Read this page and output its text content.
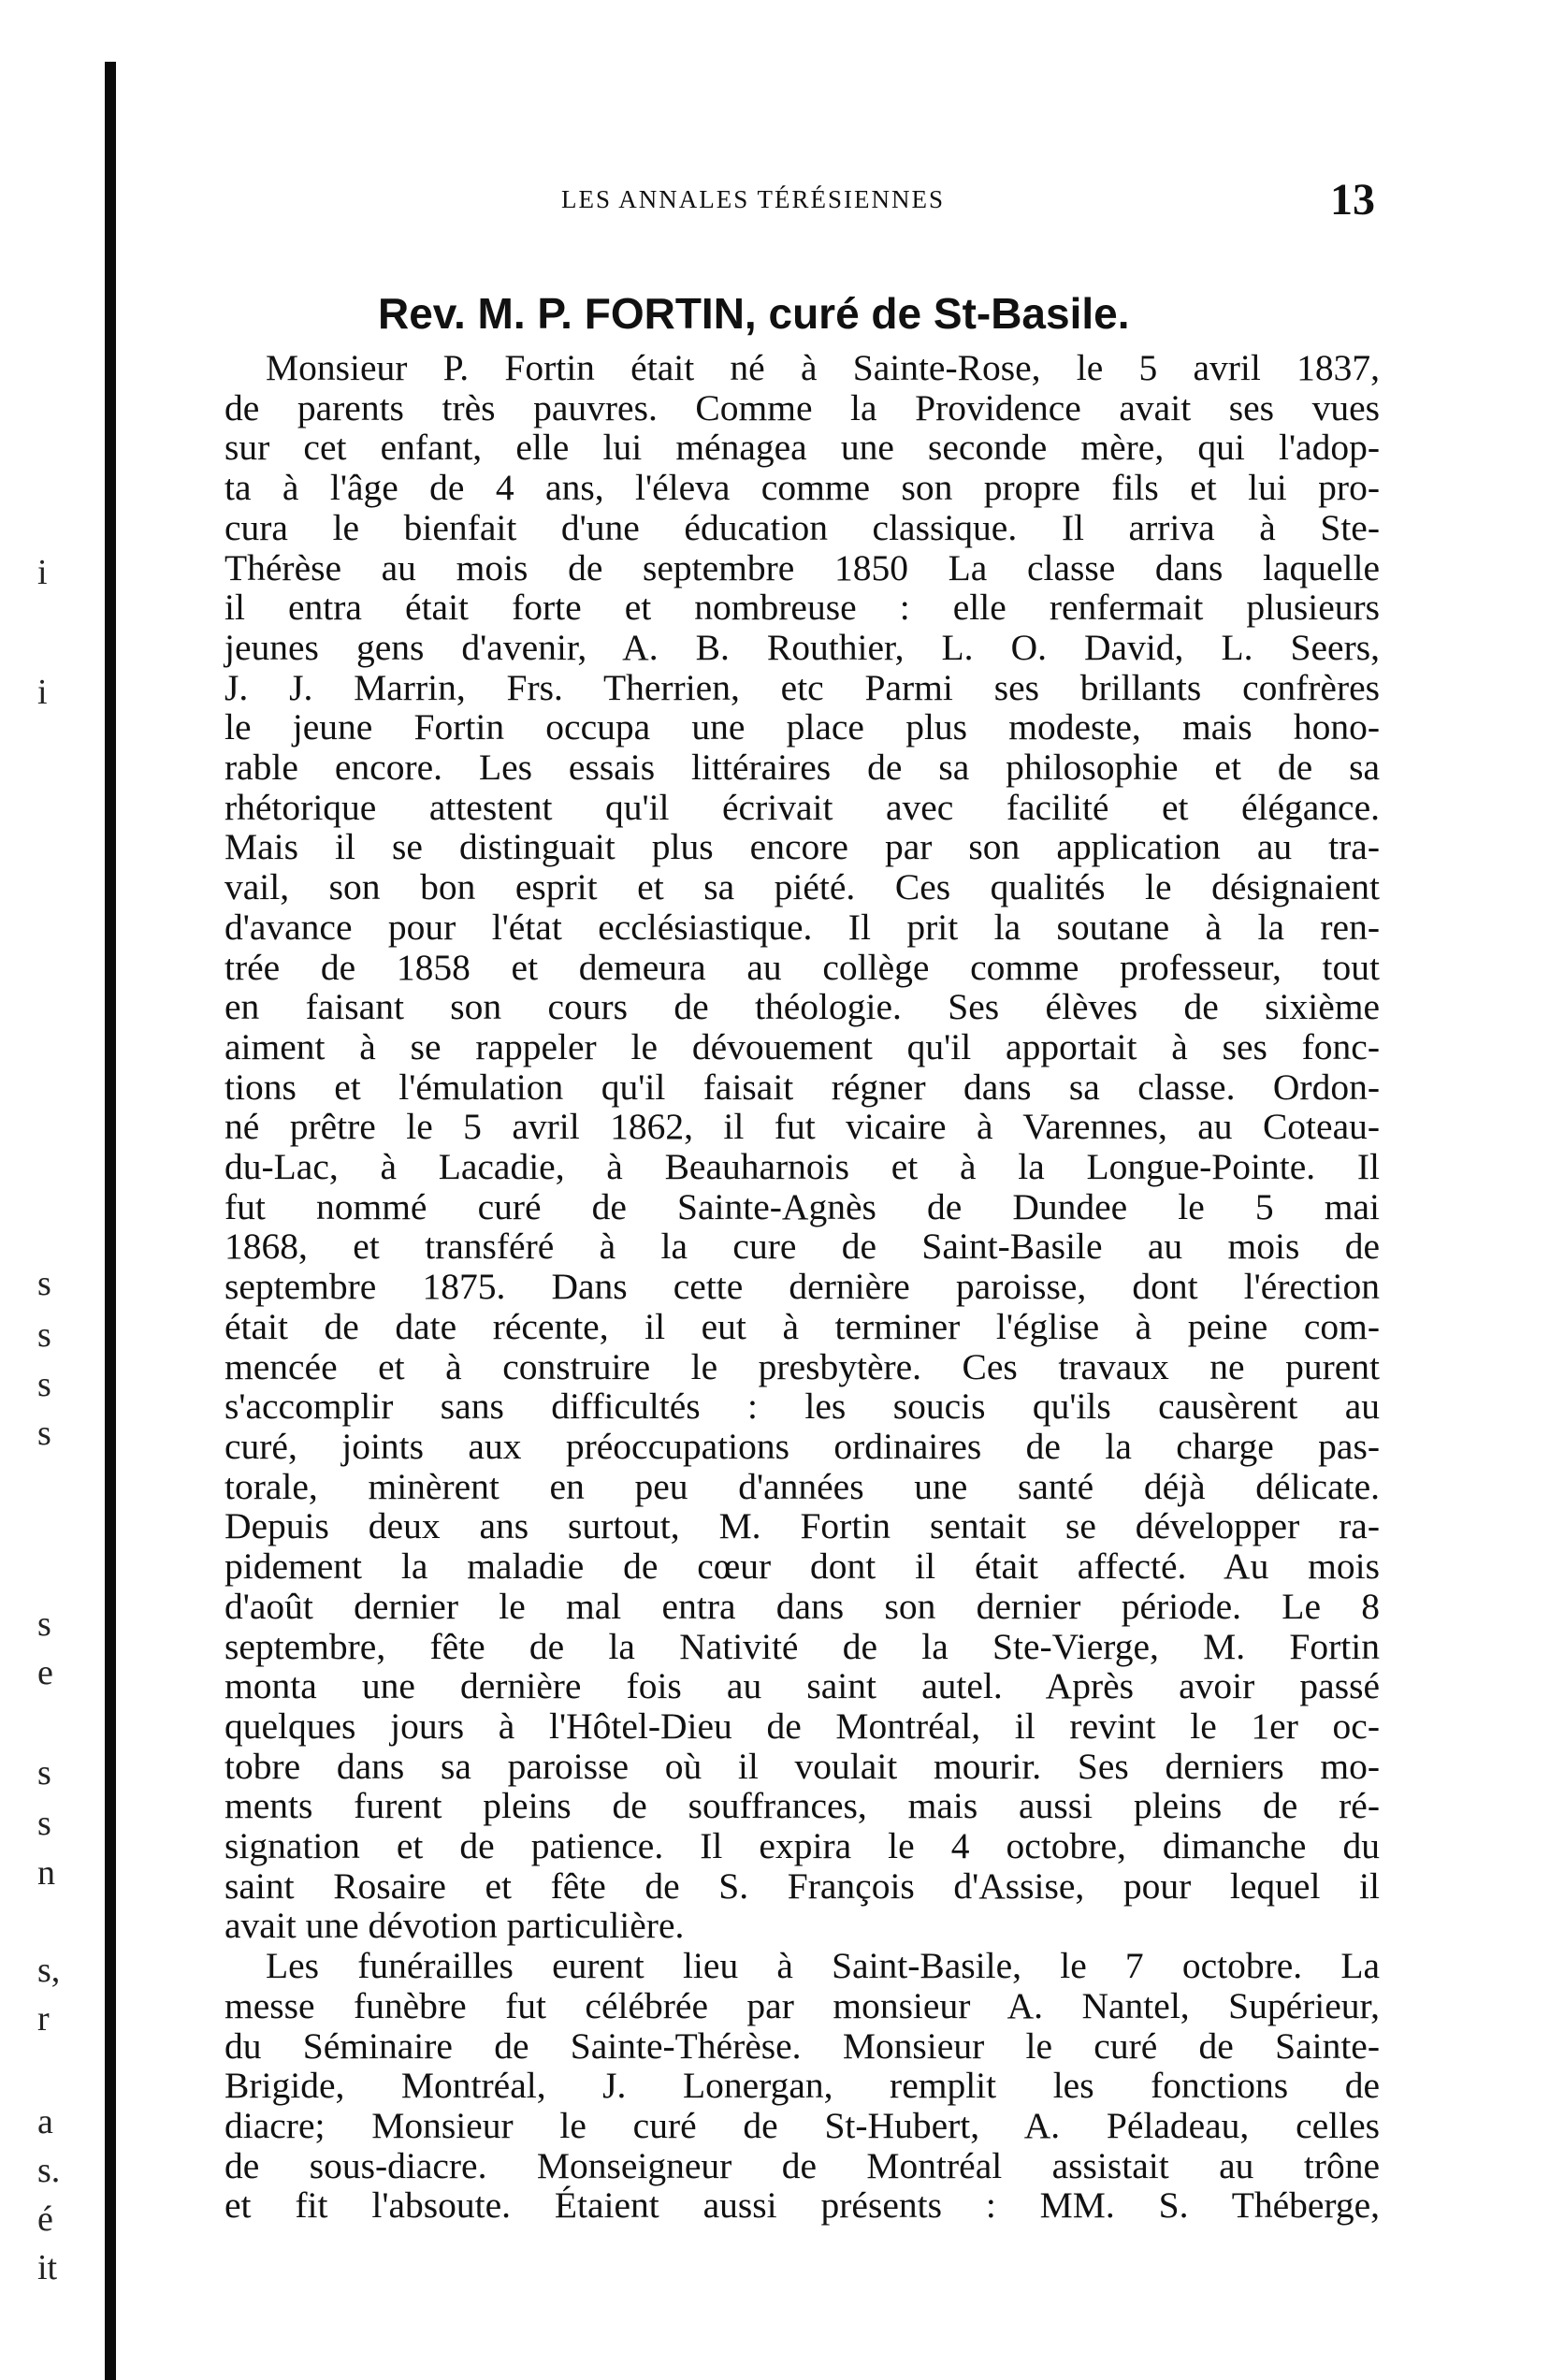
i
i
s
s
s
s
s
e
s
s
n
s,
r
a
s.
é
it
LES ANNALES TÉRÉSIENNES	13
Rev. M. P. FORTIN, curé de St-Basile.
Monsieur P. Fortin était né à Sainte-Rose, le 5 avril 1837,
de parents très pauvres. Comme la Providence avait ses vues
sur cet enfant, elle lui ménagea une seconde mère, qui l'adop-
ta à l'âge de 4 ans, l'éleva comme son propre fils et lui pro-
cura le bienfait d'une éducation classique. Il arriva à Ste-
Thérèse au mois de septembre 1850 La classe dans laquelle
il entra était forte et nombreuse : elle renfermait plusieurs
jeunes gens d'avenir, A. B. Routhier, L. O. David, L. Seers,
J. J. Marrin, Frs. Therrien, etc Parmi ses brillants confrères
le jeune Fortin occupa une place plus modeste, mais hono-
rable encore. Les essais littéraires de sa philosophie et de sa
rhétorique attestent qu'il écrivait avec facilité et élégance.
Mais il se distinguait plus encore par son application au tra-
vail, son bon esprit et sa piété. Ces qualités le désignaient
d'avance pour l'état ecclésiastique. Il prit la soutane à la ren-
trée de 1858 et demeura au collège comme professeur, tout
en faisant son cours de théologie. Ses élèves de sixième
aiment à se rappeler le dévouement qu'il apportait à ses fonc-
tions et l'émulation qu'il faisait régner dans sa classe. Ordon-
né prêtre le 5 avril 1862, il fut vicaire à Varennes, au Coteau-
du-Lac, à Lacadie, à Beauharnois et à la Longue-Pointe. Il
fut nommé curé de Sainte-Agnès de Dundee le 5 mai
1868, et transféré à la cure de Saint-Basile au mois de
septembre 1875. Dans cette dernière paroisse, dont l'érection
était de date récente, il eut à terminer l'église à peine com-
mencée et à construire le presbytère. Ces travaux ne purent
s'accomplir sans difficultés : les soucis qu'ils causèrent au
curé, joints aux préoccupations ordinaires de la charge pas-
torale, minèrent en peu d'années une santé déjà délicate.
Depuis deux ans surtout, M. Fortin sentait se développer ra-
pidement la maladie de cœur dont il était affecté. Au mois
d'août dernier le mal entra dans son dernier période. Le 8
septembre, fête de la Nativité de la Ste-Vierge, M. Fortin
monta une dernière fois au saint autel. Après avoir passé
quelques jours à l'Hôtel-Dieu de Montréal, il revint le 1er oc-
tobre dans sa paroisse où il voulait mourir. Ses derniers mo-
ments furent pleins de souffrances, mais aussi pleins de ré-
signation et de patience. Il expira le 4 octobre, dimanche du
saint Rosaire et fête de S. François d'Assise, pour lequel il
avait une dévotion particulière.
Les funérailles eurent lieu à Saint-Basile, le 7 octobre. La
messe funèbre fut célébrée par monsieur A. Nantel, Supérieur,
du Séminaire de Sainte-Thérèse. Monsieur le curé de Sainte-
Brigide, Montréal, J. Lonergan, remplit les fonctions de
diacre; Monsieur le curé de St-Hubert, A. Péladeau, celles
de sous-diacre. Monseigneur de Montréal assistait au trône
et fit l'absoute. Étaient aussi présents : MM. S. Théberge,
